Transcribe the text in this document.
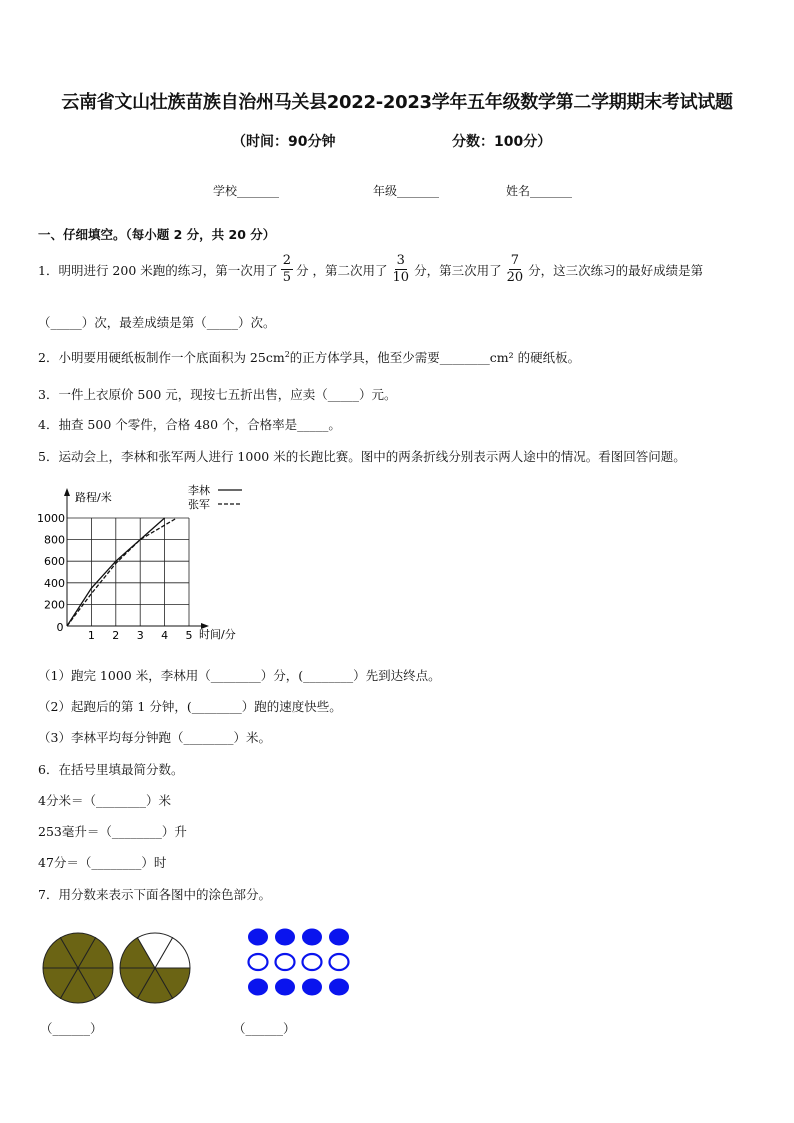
云南省文山壮族苗族自治州马关县2022-2023学年五年级数学第二学期期末考试试题
（时间：90分钟	分数：100分）
学校_______	年级_______	姓名_______
一、仔细填空。（每小题 2 分，共 20 分）
1．明明进行 200 米跑的练习，第一次用了 $\frac{2}{5}$ 分 ，第二次用了 $\frac{3}{10}$ 分，第三次用了 $\frac{7}{20}$ 分，这三次练习的最好成绩是第
（_____）次，最差成绩是第（_____）次。
2．小明要用硬纸板制作一个底面积为 $25cm^2$的正方体学具，他至少需要________cm² 的硬纸板。
3．一件上衣原价 500 元，现按七五折出售，应卖（_____）元。
4．抽查 500 个零件，合格 480 个，合格率是_____。
5．运动会上，李林和张军两人进行 1000 米的长跑比赛。图中的两条折线分别表示两人途中的情况。看图回答问题。
路程/米
时间/分
1 2 3 4 5
200
400
600
800
1000
0
李林
张军
（1）跑完 1000 米，李林用（________）分，(________）先到达终点。
（2）起跑后的第 1 分钟，(________）跑的速度快些。
（3）李林平均每分钟跑（________）米。
6．在括号里填最简分数。
4分米＝（________）米
253毫升＝（________）升
47分＝（________）时
7．用分数来表示下面各图中的涂色部分。
（______）	（______）
